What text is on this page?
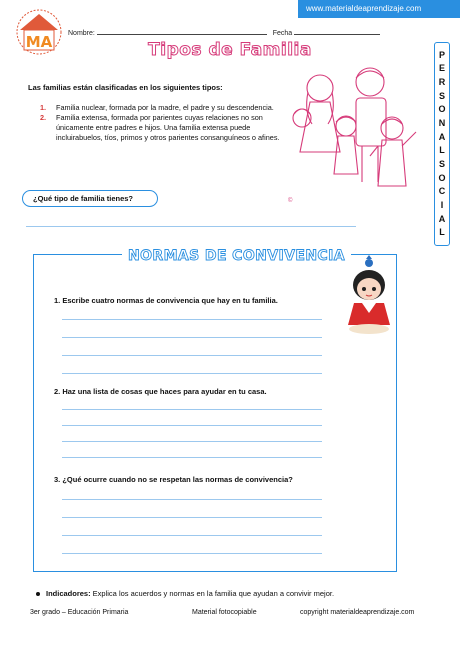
www.materialdeaprendizaje.com
MA Nombre:	Fecha
Tipos de Familia	P
E
R
S
O
N
A
L
S
O
C
I
A
L
Las familias están clasificadas en los siguientes tipos:
1. Familia nuclear, formada por la madre, el padre y su descendencia.
2. Familia extensa, formada por parientes cuyas relaciones no son únicamente entre padres e hijos. Una familia extensa puede incluirabuelos, tíos, primos y otros parientes consanguíneos o afines.
©
¿Qué tipo de familia tienes?
NORMAS DE CONVIVENCIA
1. Escribe cuatro normas de convivencia que hay en tu familia.
2. Haz una lista de cosas que haces para ayudar en tu casa.
3. ¿Qué ocurre cuando no se respetan las normas de convivencia?
Indicadores: Explica los acuerdos y normas en la familia que ayudan a convivir mejor.
3er grado – Educación Primaria	Material fotocopiable	copyright materialdeaprendizaje.com
